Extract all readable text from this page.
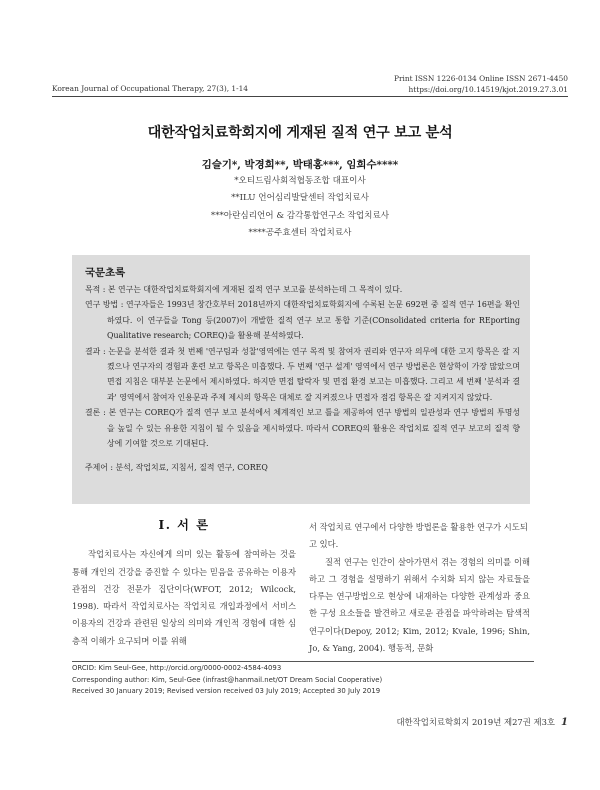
Print ISSN 1226-0134 Online ISSN 2671-4450
https://doi.org/10.14519/kjot.2019.27.3.01
Korean Journal of Occupational Therapy, 27(3), 1-14
대한작업치료학회지에 게재된 질적 연구 보고 분석
김슬기*, 박경희**, 박태홍***, 임희수****
*오티드림사회적협동조합 대표이사
**ILU 언어심리발달센터 작업치료사
***아란심리언어 & 감각통합연구소 작업치료사
****공주효센터 작업치료사
국문초록
목적 : 본 연구는 대한작업치료학회지에 게재된 질적 연구 보고를 분석하는데 그 목적이 있다.
연구 방법 : 연구자들은 1993년 창간호부터 2018년까지 대한작업치료학회지에 수록된 논문 692편 중 질적 연구 16편을 확인하였다. 이 연구들을 Tong 등(2007)이 개발한 질적 연구 보고 통합 기준(COnsolidated criteria for REporting Qualitative research; COREQ)을 활용해 분석하였다.
결과 : 논문을 분석한 결과 첫 번째 '연구팀과 성찰'영역에는 연구 목적 및 참여자 권리와 연구자 의무에 대한 고지 항목은 잘 지켰으나 연구자의 경험과 훈련 보고 항목은 미흡했다. 두 번째 '연구 설계' 영역에서 연구 방법론은 현상학이 가장 많았으며 면접 지침은 대부분 논문에서 제시하였다. 하지만 면접 탈락자 및 면접 환경 보고는 미흡했다. 그리고 세 번째 '분석과 결과' 영역에서 참여자 인용문과 주제 제시의 항목은 대체로 잘 지켜졌으나 면접자 점검 항목은 잘 지켜지지 않았다.
결론 : 본 연구는 COREQ가 질적 연구 보고 분석에서 체계적인 보고 틀을 제공하여 연구 방법의 일관성과 연구 방법의 투명성을 높일 수 있는 유용한 지침이 될 수 있음을 제시하였다. 따라서 COREQ의 활용은 작업치료 질적 연구 보고의 질적 향상에 기여할 것으로 기대된다.
주제어 : 분석, 작업치료, 지침서, 질적 연구, COREQ
Ⅰ. 서 론
작업치료사는 자신에게 의미 있는 활동에 참여하는 것을 통해 개인의 건강을 증진할 수 있다는 믿음을 공유하는 이용자 관점의 건강 전문가 집단이다(WFOT, 2012; Wilcock, 1998). 따라서 작업치료사는 작업치료 개입과정에서 서비스 이용자의 건강과 관련된 일상의 의미와 개인적 경험에 대한 심층적 이해가 요구되며 이를 위해
서 작업치료 연구에서 다양한 방법론을 활용한 연구가 시도되고 있다.
질적 연구는 인간이 살아가면서 겪는 경험의 의미를 이해하고 그 경험을 설명하기 위해서 수치화 되지 않는 자료들을 다루는 연구방법으로 현상에 내재하는 다양한 관계성과 중요한 구성 요소들을 발견하고 새로운 관점을 파악하려는 탐색적 연구이다(Depoy, 2012; Kim, 2012; Kvale, 1996; Shin, Jo, & Yang, 2004). 행동적, 문화
ORCID: Kim Seul-Gee, http://orcid.org/0000-0002-4584-4093
Corresponding author: Kim, Seul-Gee (infrast@hanmail.net/OT Dream Social Cooperative)
Received 30 January 2019; Revised version received 03 July 2019; Accepted 30 July 2019
대한작업치료학회지 2019년 제27권 제3호 1
